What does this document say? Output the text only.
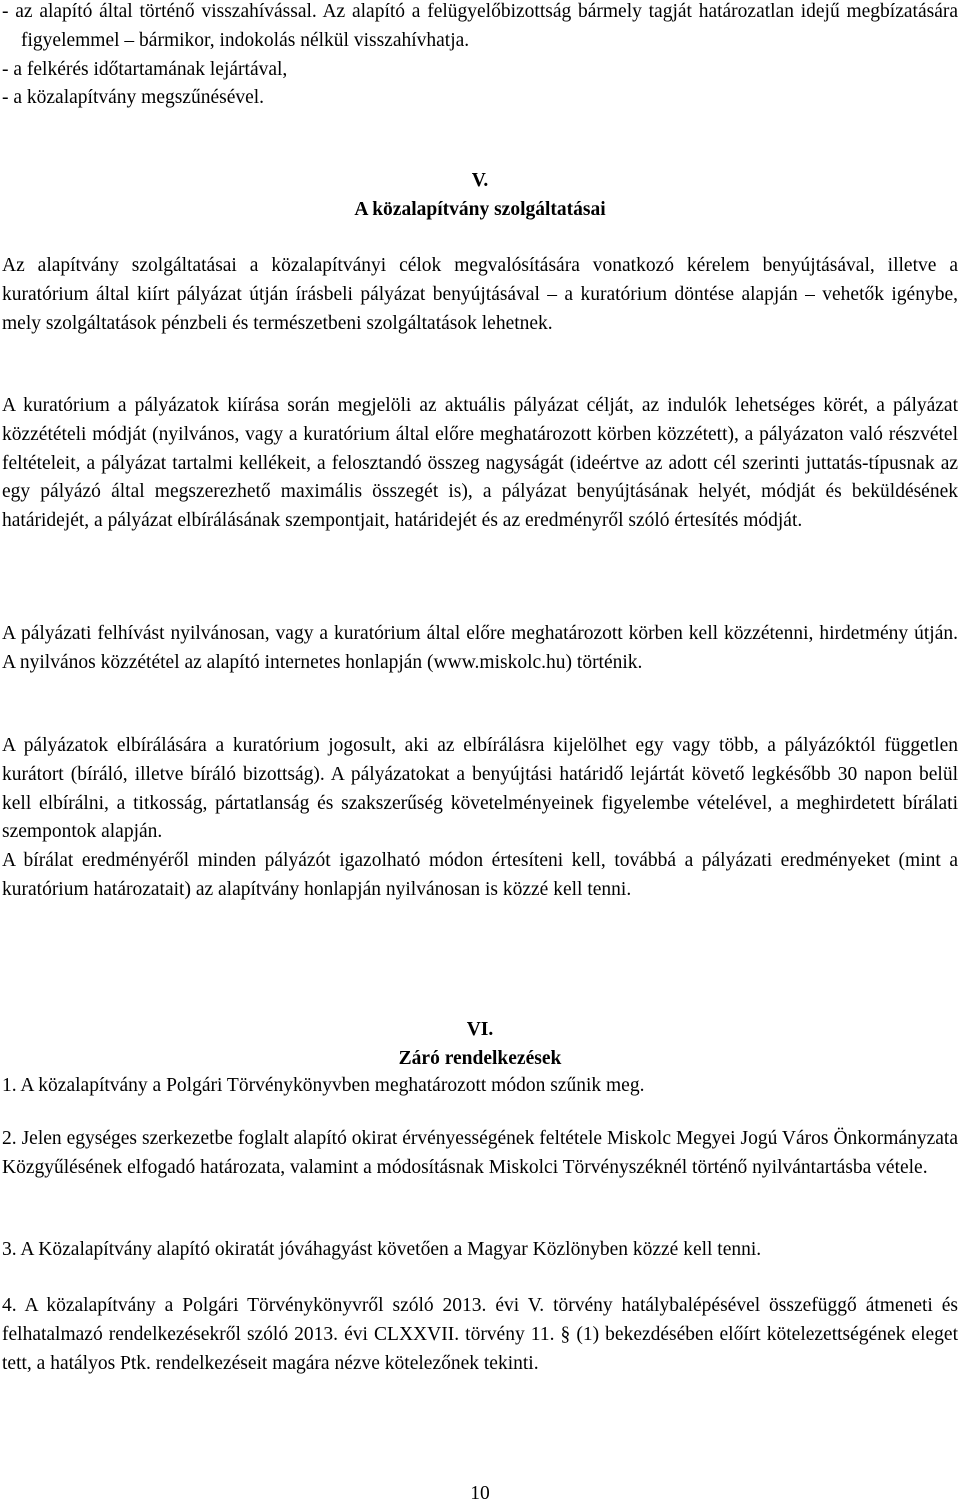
- az alapító által történő visszahívással. Az alapító a felügyelőbizottság bármely tagját határozatlan idejű megbízatására figyelemmel – bármikor, indokolás nélkül visszahívhatja.

- a felkérés időtartamának lejártával,

- a közalapítvány megszűnésével.

V.

A közalapítvány szolgáltatásai

Az alapítvány szolgáltatásai a közalapítványi célok megvalósítására vonatkozó kérelem benyújtásával, illetve a kuratórium által kiírt pályázat útján írásbeli pályázat benyújtásával – a kuratórium döntése alapján – vehetők igénybe, mely szolgáltatások pénzbeli és természetbeni szolgáltatások lehetnek.

A kuratórium a pályázatok kiírása során megjelöli az aktuális pályázat célját, az indulók lehetséges körét, a pályázat közzétételi módját (nyilvános, vagy a kuratórium által előre meghatározott körben közzétett), a pályázaton való részvétel feltételeit, a pályázat tartalmi kellékeit, a felosztandó összeg nagyságát (ideértve az adott cél szerinti juttatás-típusnak az egy pályázó által megszerezhető maximális összegét is), a pályázat benyújtásának helyét, módját és beküldésének határidejét, a pályázat elbírálásának szempontjait, határidejét és az eredményről szóló értesítés módját.

A pályázati felhívást nyilvánosan, vagy a kuratórium által előre meghatározott körben kell közzétenni, hirdetmény útján. A nyilvános közzététel az alapító internetes honlapján (www.miskolc.hu) történik.

A pályázatok elbírálására a kuratórium jogosult, aki az elbírálásra kijelölhet egy vagy több, a pályázóktól független kurátort (bíráló, illetve bíráló bizottság). A pályázatokat a benyújtási határidő lejártát követő legkésőbb 30 napon belül kell elbírálni, a titkosság, pártatlanság és szakszerűség követelményeinek figyelembe vételével, a meghirdetett bírálati szempontok alapján.

A bírálat eredményéről minden pályázót igazolható módon értesíteni kell, továbbá a pályázati eredményeket (mint a kuratórium határozatait) az alapítvány honlapján nyilvánosan is közzé kell tenni.

VI.

Záró rendelkezések

1. A közalapítvány a Polgári Törvénykönyvben meghatározott módon szűnik meg.

2. Jelen egységes szerkezetbe foglalt alapító okirat érvényességének feltétele Miskolc Megyei Jogú Város Önkormányzata Közgyűlésének elfogadó határozata, valamint a módosításnak Miskolci Törvényszéknél történő nyilvántartásba vétele.

3. A Közalapítvány alapító okiratát jóváhagyást követően a Magyar Közlönyben közzé kell tenni.

4. A közalapítvány a Polgári Törvénykönyvről szóló 2013. évi V. törvény hatálybalépésével összefüggő átmeneti és felhatalmazó rendelkezésekről szóló 2013. évi CLXXVII. törvény 11. § (1) bekezdésében előírt kötelezettségének eleget tett, a hatályos Ptk. rendelkezéseit magára nézve kötelezőnek tekinti.

10
